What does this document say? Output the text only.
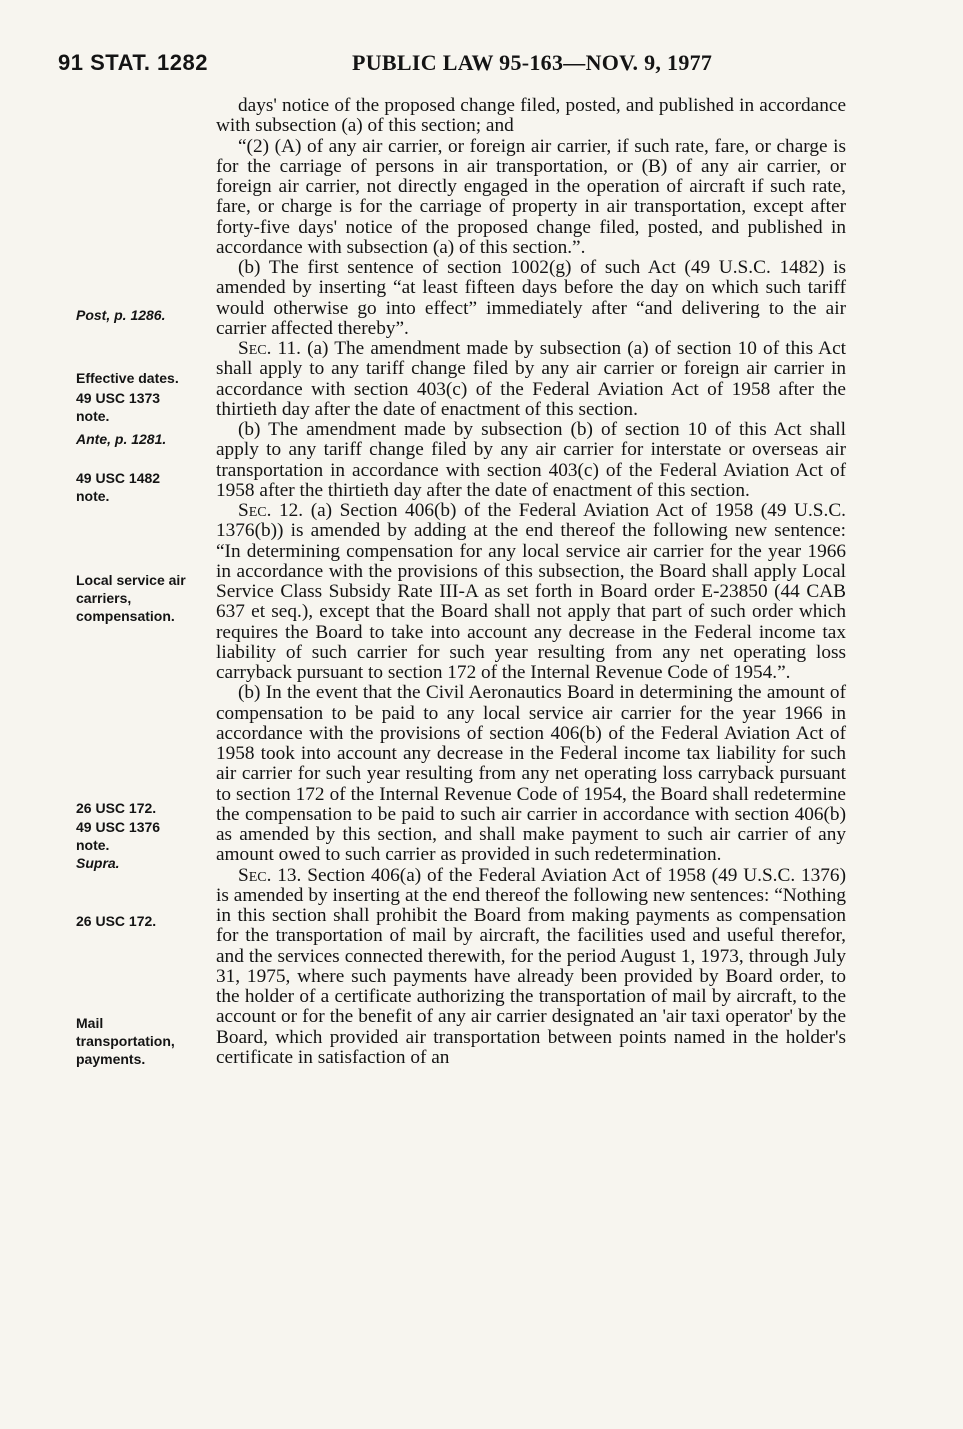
91 STAT. 1282	PUBLIC LAW 95-163—NOV. 9, 1977
Post, p. 1286.
Effective dates.
49 USC 1373 note.
Ante, p. 1281.
49 USC 1482 note.
Local service air carriers, compensation.
26 USC 172.
49 USC 1376 note.
Supra.
26 USC 172.
Mail transportation, payments.

days' notice of the proposed change filed, posted, and published in accordance with subsection (a) of this section; and

“(2) (A) of any air carrier, or foreign air carrier, if such rate, fare, or charge is for the carriage of persons in air transportation, or (B) of any air carrier, or foreign air carrier, not directly engaged in the operation of aircraft if such rate, fare, or charge is for the carriage of property in air transportation, except after forty-five days' notice of the proposed change filed, posted, and published in accordance with subsection (a) of this section.”.

(b) The first sentence of section 1002(g) of such Act (49 U.S.C. 1482) is amended by inserting “at least fifteen days before the day on which such tariff would otherwise go into effect” immediately after “and delivering to the air carrier affected thereby”.

Sec. 11. (a) The amendment made by subsection (a) of section 10 of this Act shall apply to any tariff change filed by any air carrier or foreign air carrier in accordance with section 403(c) of the Federal Aviation Act of 1958 after the thirtieth day after the date of enactment of this section.

(b) The amendment made by subsection (b) of section 10 of this Act shall apply to any tariff change filed by any air carrier for interstate or overseas air transportation in accordance with section 403(c) of the Federal Aviation Act of 1958 after the thirtieth day after the date of enactment of this section.

Sec. 12. (a) Section 406(b) of the Federal Aviation Act of 1958 (49 U.S.C. 1376(b)) is amended by adding at the end thereof the following new sentence: “In determining compensation for any local service air carrier for the year 1966 in accordance with the provisions of this subsection, the Board shall apply Local Service Class Subsidy Rate III-A as set forth in Board order E-23850 (44 CAB 637 et seq.), except that the Board shall not apply that part of such order which requires the Board to take into account any decrease in the Federal income tax liability of such carrier for such year resulting from any net operating loss carryback pursuant to section 172 of the Internal Revenue Code of 1954.”.

(b) In the event that the Civil Aeronautics Board in determining the amount of compensation to be paid to any local service air carrier for the year 1966 in accordance with the provisions of section 406(b) of the Federal Aviation Act of 1958 took into account any decrease in the Federal income tax liability for such air carrier for such year resulting from any net operating loss carryback pursuant to section 172 of the Internal Revenue Code of 1954, the Board shall redetermine the compensation to be paid to such air carrier in accordance with section 406(b) as amended by this section, and shall make payment to such air carrier of any amount owed to such carrier as provided in such redetermination.

Sec. 13. Section 406(a) of the Federal Aviation Act of 1958 (49 U.S.C. 1376) is amended by inserting at the end thereof the following new sentences: “Nothing in this section shall prohibit the Board from making payments as compensation for the transportation of mail by aircraft, the facilities used and useful therefor, and the services connected therewith, for the period August 1, 1973, through July 31, 1975, where such payments have already been provided by Board order, to the holder of a certificate authorizing the transportation of mail by aircraft, to the account or for the benefit of any air carrier designated an 'air taxi operator' by the Board, which provided air transportation between points named in the holder's certificate in satisfaction of an
